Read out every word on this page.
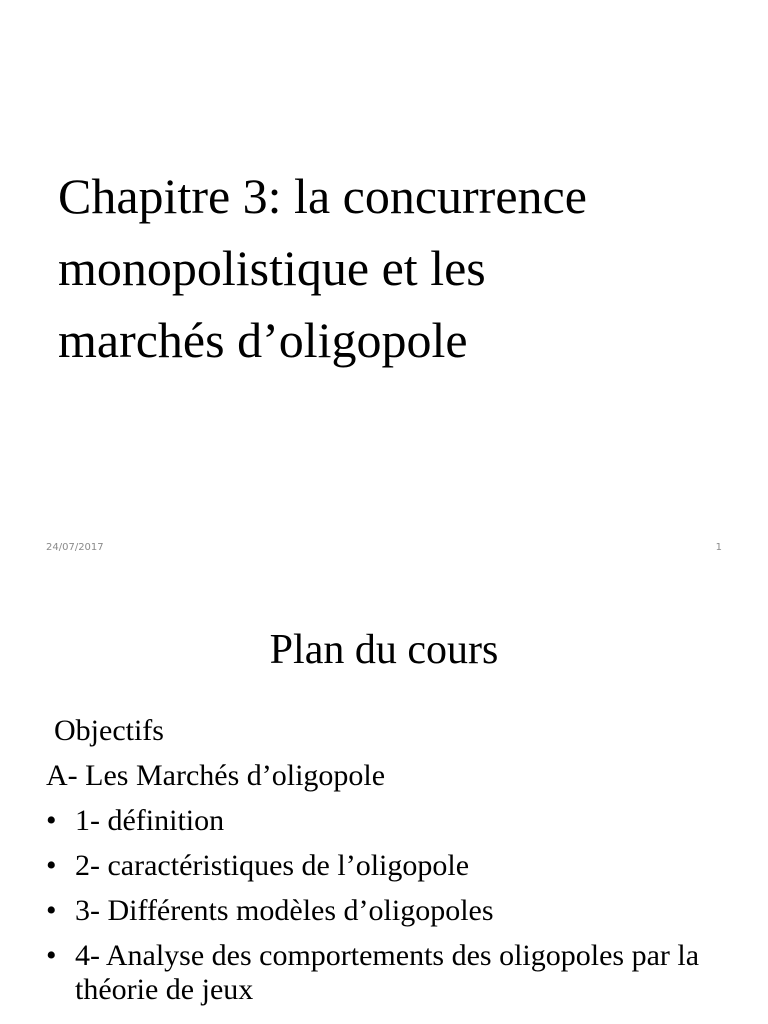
Chapitre 3: la concurrence
monopolistique et les
marchés d’oligopole
24/07/2017	1
Plan du cours

Objectifs

A- Les Marchés d’oligopole

• 1- définition
• 2- caractéristiques de l’oligopole
• 3- Différents modèles d’oligopoles
• 4- Analyse des comportements des oligopoles par la théorie de jeux
